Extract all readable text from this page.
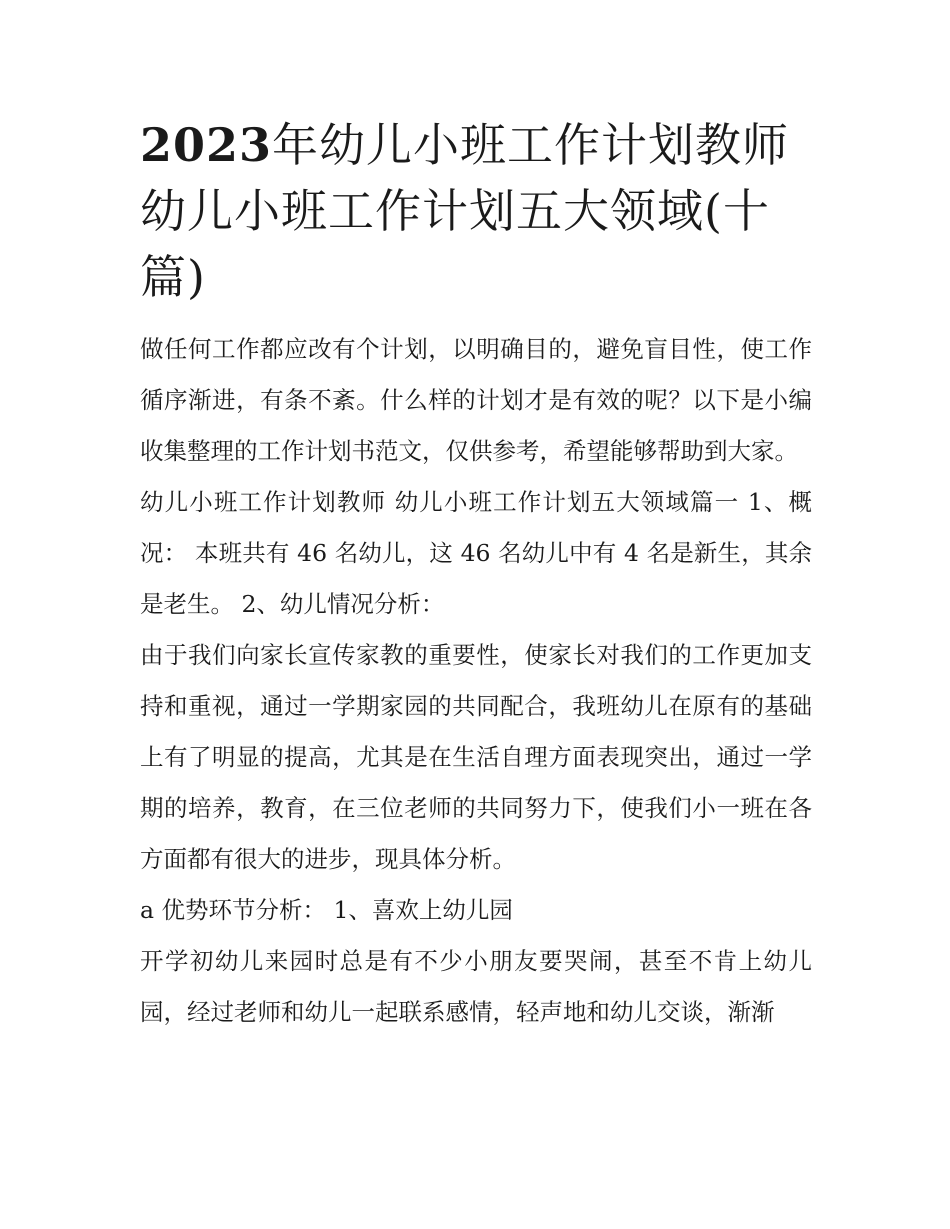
2023年幼儿小班工作计划教师 幼儿小班工作计划五大领域(十篇)

做任何工作都应改有个计划，以明确目的，避免盲目性，使工作循序渐进，有条不紊。什么样的计划才是有效的呢？以下是小编收集整理的工作计划书范文，仅供参考，希望能够帮助到大家。

幼儿小班工作计划教师 幼儿小班工作计划五大领域篇一 1、概况： 本班共有 46 名幼儿，这 46 名幼儿中有 4 名是新生，其余是老生。 2、幼儿情况分析：

由于我们向家长宣传家教的重要性，使家长对我们的工作更加支持和重视，通过一学期家园的共同配合，我班幼儿在原有的基础上有了明显的提高，尤其是在生活自理方面表现突出，通过一学期的培养，教育，在三位老师的共同努力下，使我们小一班在各方面都有很大的进步，现具体分析。

a 优势环节分析： 1、喜欢上幼儿园

开学初幼儿来园时总是有不少小朋友要哭闹，甚至不肯上幼儿园，经过老师和幼儿一起联系感情，轻声地和幼儿交谈，渐渐
